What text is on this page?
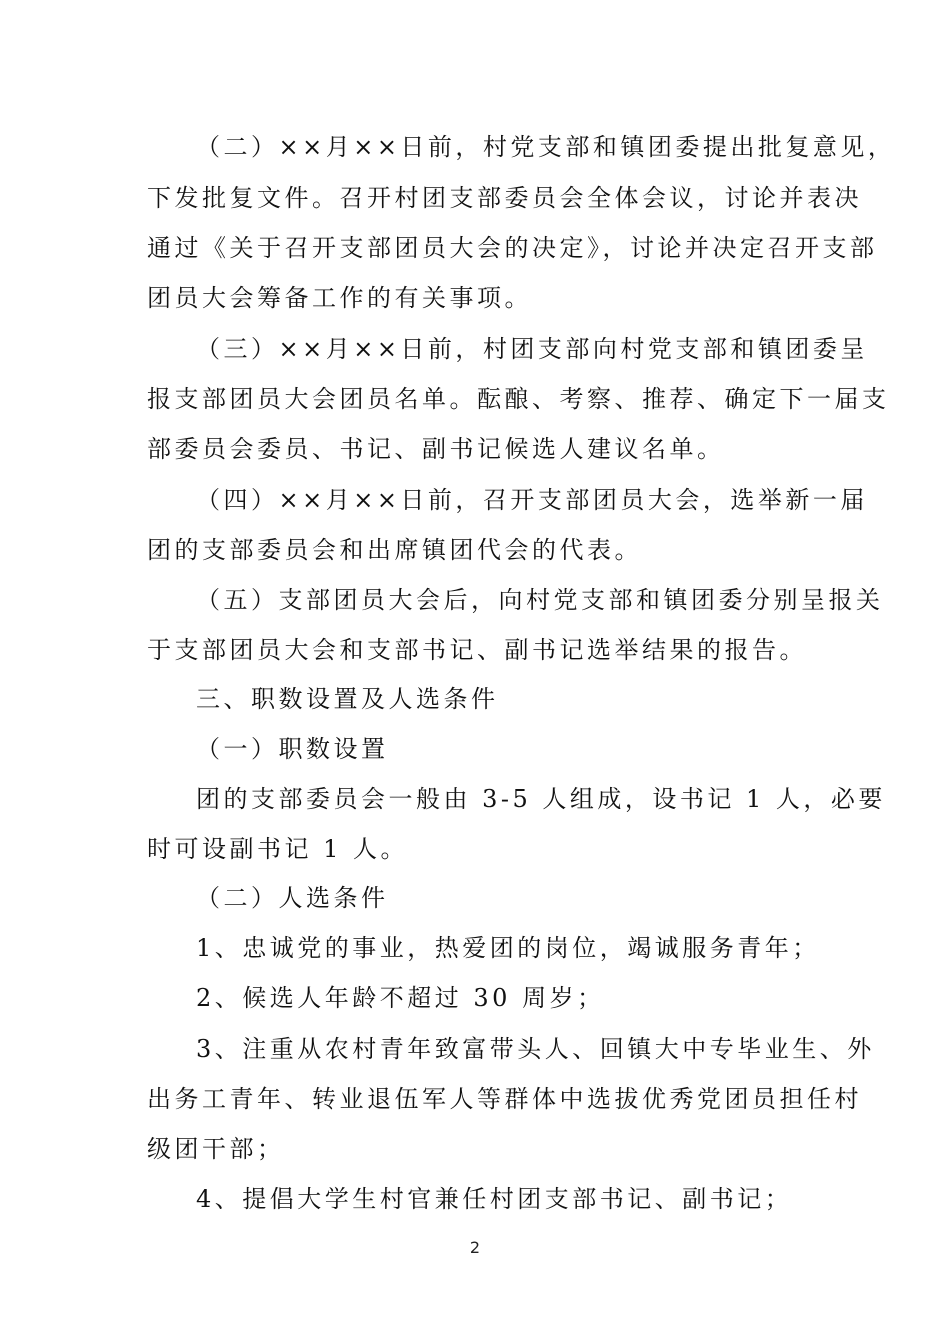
（二）××月××日前，村党支部和镇团委提出批复意见，
下发批复文件。召开村团支部委员会全体会议，讨论并表决
通过《关于召开支部团员大会的决定》，讨论并决定召开支部
团员大会筹备工作的有关事项。
（三）××月××日前，村团支部向村党支部和镇团委呈
报支部团员大会团员名单。酝酿、考察、推荐、确定下一届支
部委员会委员、书记、副书记候选人建议名单。
（四）××月××日前，召开支部团员大会，选举新一届
团的支部委员会和出席镇团代会的代表。
（五）支部团员大会后，向村党支部和镇团委分别呈报关
于支部团员大会和支部书记、副书记选举结果的报告。
三、职数设置及人选条件
（一）职数设置
团的支部委员会一般由 3-5 人组成，设书记 1 人，必要
时可设副书记 1 人。
（二）人选条件
1、忠诚党的事业，热爱团的岗位，竭诚服务青年；
2、候选人年龄不超过 30 周岁；
3、注重从农村青年致富带头人、回镇大中专毕业生、外
出务工青年、转业退伍军人等群体中选拔优秀党团员担任村
级团干部；
4、提倡大学生村官兼任村团支部书记、副书记；
2
